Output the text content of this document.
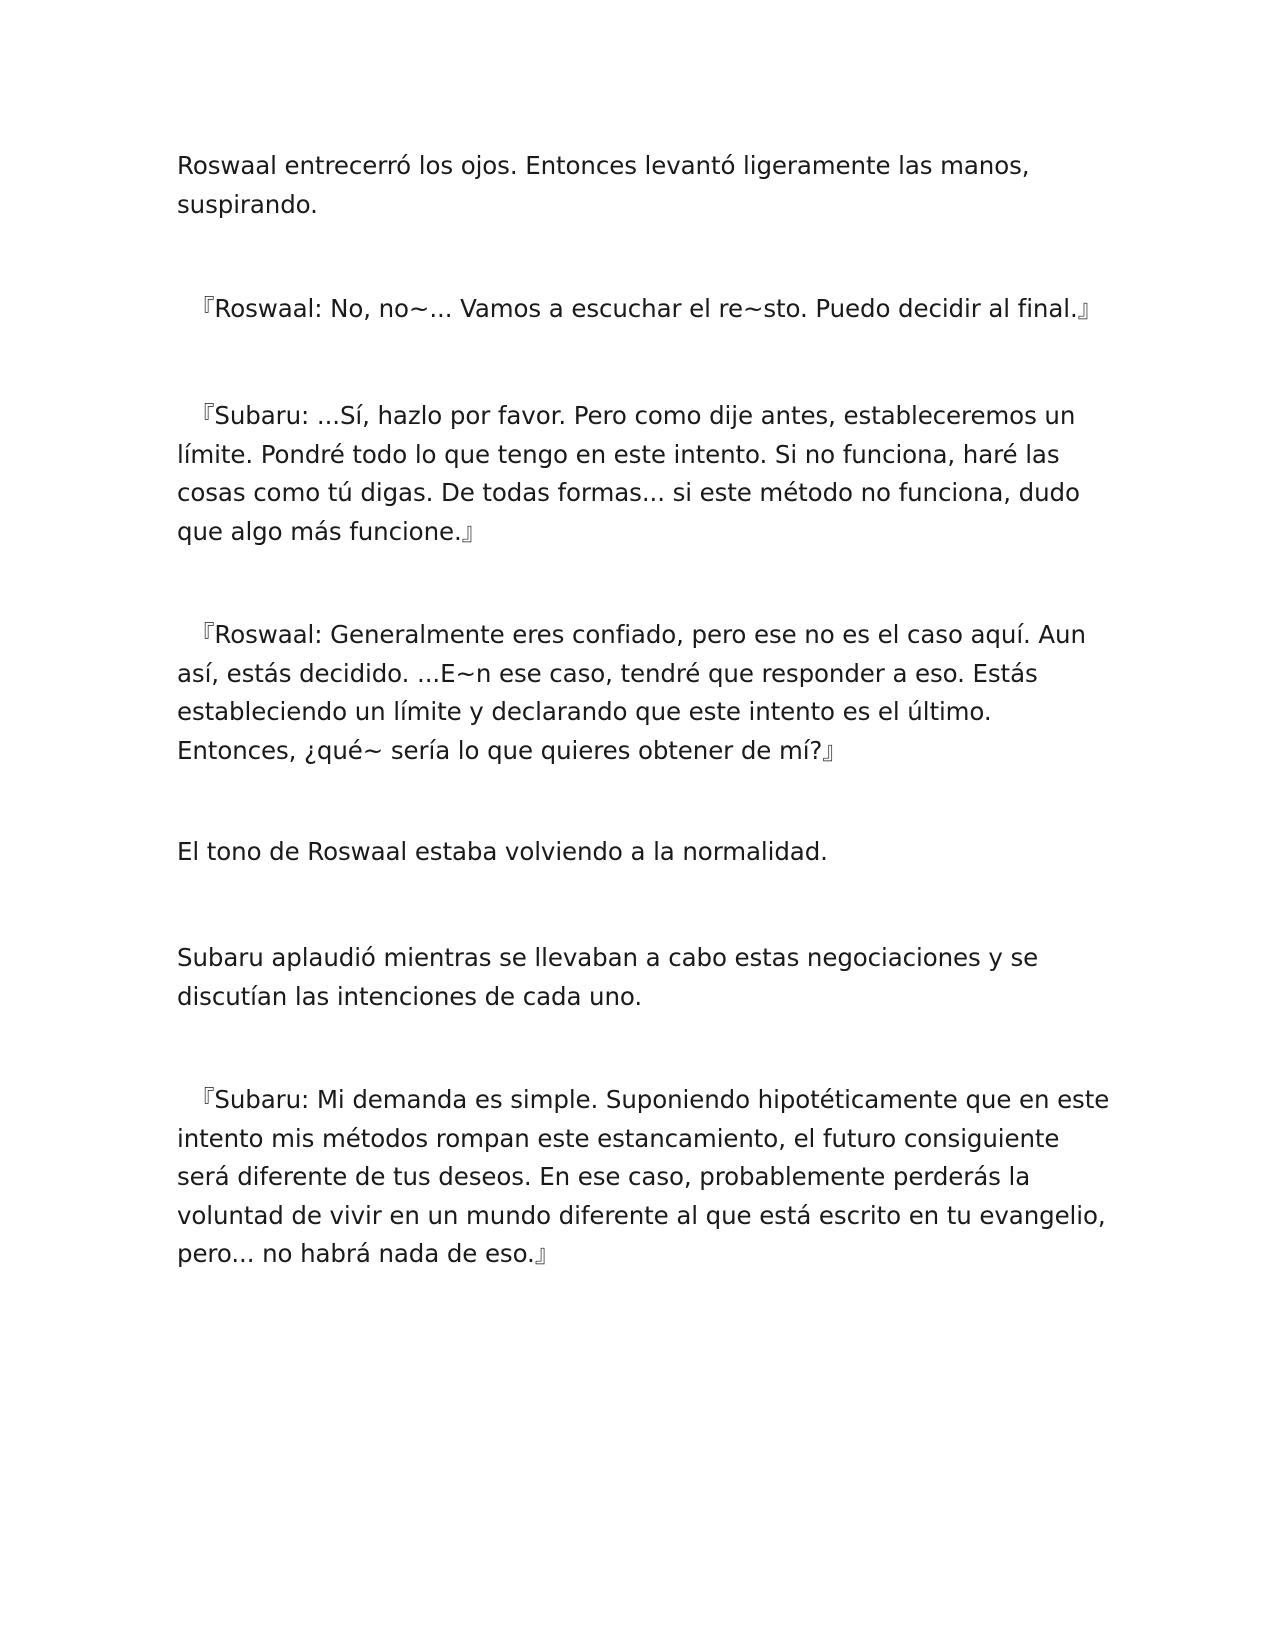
Roswaal entrecerró los ojos. Entonces levantó ligeramente las manos, suspirando.

『Roswaal: No, no~... Vamos a escuchar el re~sto. Puedo decidir al final.』

『Subaru: ...Sí, hazlo por favor. Pero como dije antes, estableceremos un límite. Pondré todo lo que tengo en este intento. Si no funciona, haré las cosas como tú digas. De todas formas... si este método no funciona, dudo que algo más funcione.』

『Roswaal: Generalmente eres confiado, pero ese no es el caso aquí. Aun así, estás decidido. ...E~n ese caso, tendré que responder a eso. Estás estableciendo un límite y declarando que este intento es el último. Entonces, ¿qué~ sería lo que quieres obtener de mí?』

El tono de Roswaal estaba volviendo a la normalidad.

Subaru aplaudió mientras se llevaban a cabo estas negociaciones y se discutían las intenciones de cada uno.

『Subaru: Mi demanda es simple. Suponiendo hipotéticamente que en este intento mis métodos rompan este estancamiento, el futuro consiguiente será diferente de tus deseos. En ese caso, probablemente perderás la voluntad de vivir en un mundo diferente al que está escrito en tu evangelio, pero... no habrá nada de eso.』
